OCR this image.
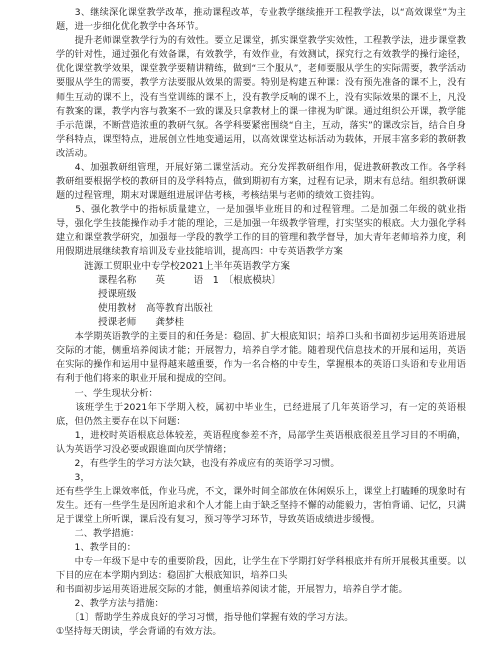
　　3、继续深化课堂教学改革，推动课程改革，专业教学继续推开工程教学法，以“高效课堂”为主题，进一步细化优化教学中各环节。
　　提升老师课堂教学行为的有效性。要立足课堂，抓实课堂教学实效性，工程教学法，进步课堂教学的针对性，通过强化有效备课，有效教学，有效作业，有效测试，探究行之有效教学的操行途径，优化课堂教学效果，课堂教学要精讲精练，做到“三个服从”，老师要服从学生的实际需要，教学活动要服从学生的需要，教学方法要服从效果的需要。特别是构建五种课：没有预先准备的课不上，没有师生互动的课不上，没有当堂训练的课不上，没有教学反响的课不上，没有实际效果的课不上，凡没有教案的课，教学内容与教案不一致的课及只拿教材上的课一律视为旷课。通过组织公开课，教学能手示范课，不断营造浓重的教研气氛。各学科要紧密围绕“自主，互动，落实”的课改宗旨，结合自身学科特点，课型特点，进展创立性地变通运用，以高效课堂达标活动为载体，开展丰富多彩的教研教改活动。
　　4、加强教研组管理，开展好第二课堂活动。充分发挥教研组作用，促进教研教改工作。各学科教研组要根据学校的教研目的及学科特点，做到期初有方案，过程有记录，期末有总结。组织教研课题的过程管理，期末对课题组进展评估考核，考核结果与老师的绩效工资挂钩。
　　5、强化教学中的指标质量建立，一是加强毕业班目的和过程管理。二是加强二年级的就业指导，强化学生技能操作动手才能的理论，三是加强一年级教学管理，打实坚实的根底。大力强化学科建立和课堂教学研究，加强每一学段的教学工作的目的管理和教学督导，加大青年老师培养力度，利用假期进展继续教育培训及专业技能培训，提高四：中专英语教学方案
涟源工贸职业中专学校2021上半年英语教学方案
课程名称　　英　　　语　1　〔根底模块〕
授课班级
使用教材　高等教育出版社
授课老师　　龚梦桂
　　本学期英语教学的主要目的和任务是：稳固、扩大根底知识；培养口头和书面初步运用英语进展交际的才能，侧重培养阅读才能；开展智力，培养自学才能。随着现代信息技术的开展和运用，英语在实际的操作和运用中显得越来越重要，作为一名合格的中专生，掌握根本的英语口头语和专业用语有利于他们将来的职业开展和提成的空间。
　　一、学生现状分析：
　　该班学生于2021年下学期入校，属初中毕业生，已经进展了几年英语学习，有一定的英语根底，但仍然主要存在以下问题：
　　1，进校时英语根底总体较差，英语程度参差不齐，局部学生英语根底很差且学习目的不明确，认为英语学习没必要或跟谁面向厌学情绪；
　　2，有些学生的学习方法欠缺，也没有养成应有的英语学习习惯。
　　3，
还有些学生上课效率低，作业马虎，不文，课外时间全部放在休闲娱乐上，课堂上打瞌睡的现象时有发生。还有一些学生是因所追求和个人才能上由于缺乏坚持不懈的动能毅力，害怕背诵、记忆，只满足于课堂上所听课，课后没有复习，预习等学习环节，导致英语成绩进步缓慢。
　　二、教学措施：
　　1、教学目的：
　　中专一年级下是中专的重要阶段，因此，让学生在下学期打好学科根底并有所开展极其重要。以下目的应在本学期内到达：稳固扩大根底知识，培养口头
和书面初步运用英语进展交际的才能，侧重培养阅读才能，开展智力，培养自学才能。
　　2、教学方法与措施：
　　〔1〕帮助学生养成良好的学习习惯，指导他们掌握有效的学习方法。
①坚持每天朗读，学会背诵的有效方法。
